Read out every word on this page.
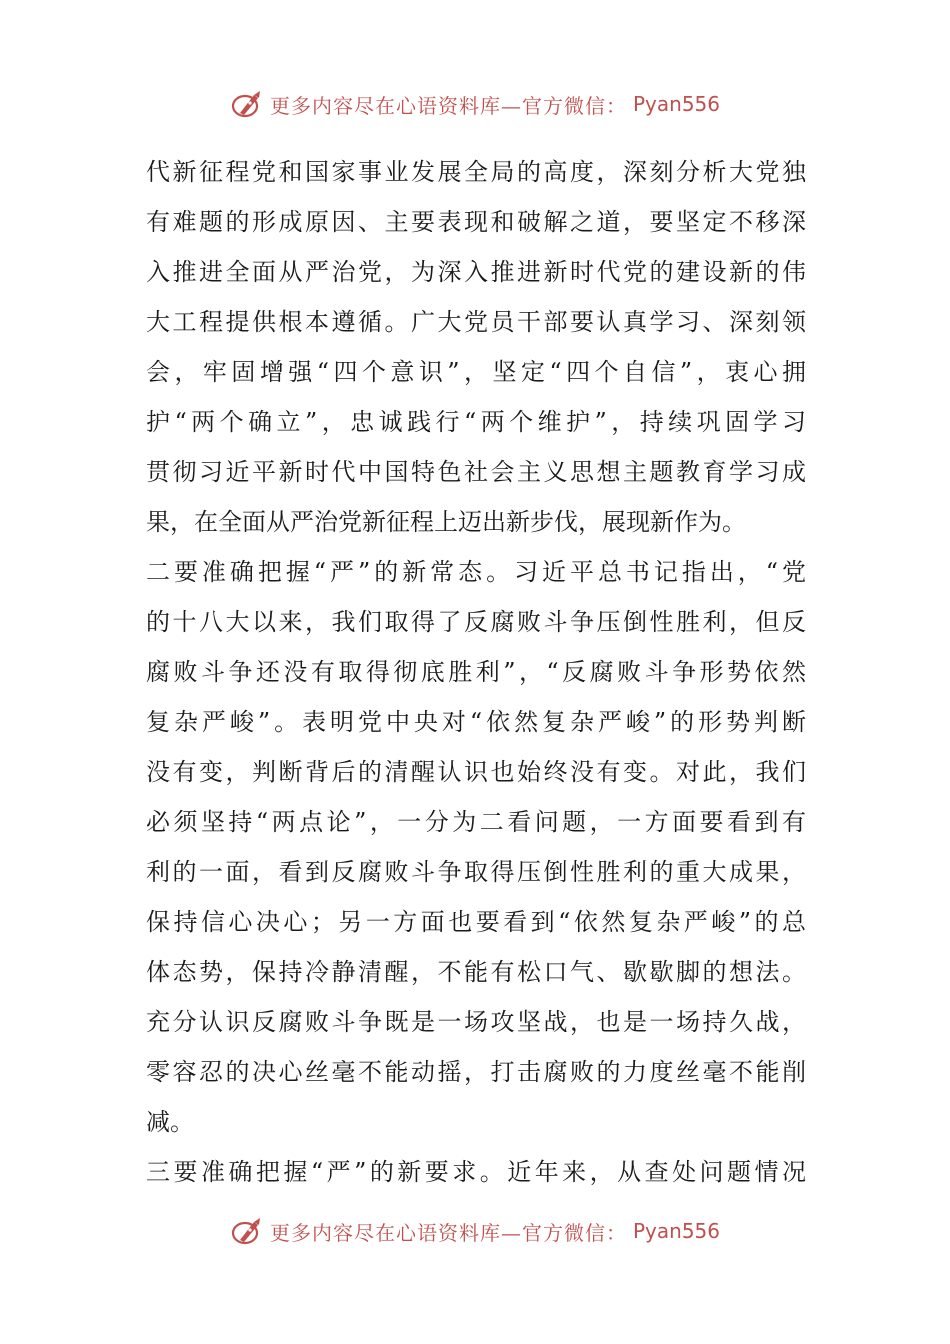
更多内容尽在心语资料库—官方微信： Pyan556
代新征程党和国家事业发展全局的高度，深刻分析大党独
有难题的形成原因、主要表现和破解之道，要坚定不移深
入推进全面从严治党，为深入推进新时代党的建设新的伟
大工程提供根本遵循。广大党员干部要认真学习、深刻领
会，牢固增强“四个意识”，坚定“四个自信”，衷心拥
护“两个确立”，忠诚践行“两个维护”，持续巩固学习
贯彻习近平新时代中国特色社会主义思想主题教育学习成
果，在全面从严治党新征程上迈出新步伐，展现新作为。
二要准确把握“严”的新常态。习近平总书记指出，“党
的十八大以来，我们取得了反腐败斗争压倒性胜利，但反
腐败斗争还没有取得彻底胜利”，“反腐败斗争形势依然
复杂严峻”。表明党中央对“依然复杂严峻”的形势判断
没有变，判断背后的清醒认识也始终没有变。对此，我们
必须坚持“两点论”，一分为二看问题，一方面要看到有
利的一面，看到反腐败斗争取得压倒性胜利的重大成果，
保持信心决心；另一方面也要看到“依然复杂严峻”的总
体态势，保持冷静清醒，不能有松口气、歇歇脚的想法。
充分认识反腐败斗争既是一场攻坚战，也是一场持久战，
零容忍的决心丝毫不能动摇，打击腐败的力度丝毫不能削
减。
三要准确把握“严”的新要求。近年来，从查处问题情况
更多内容尽在心语资料库—官方微信： Pyan556
